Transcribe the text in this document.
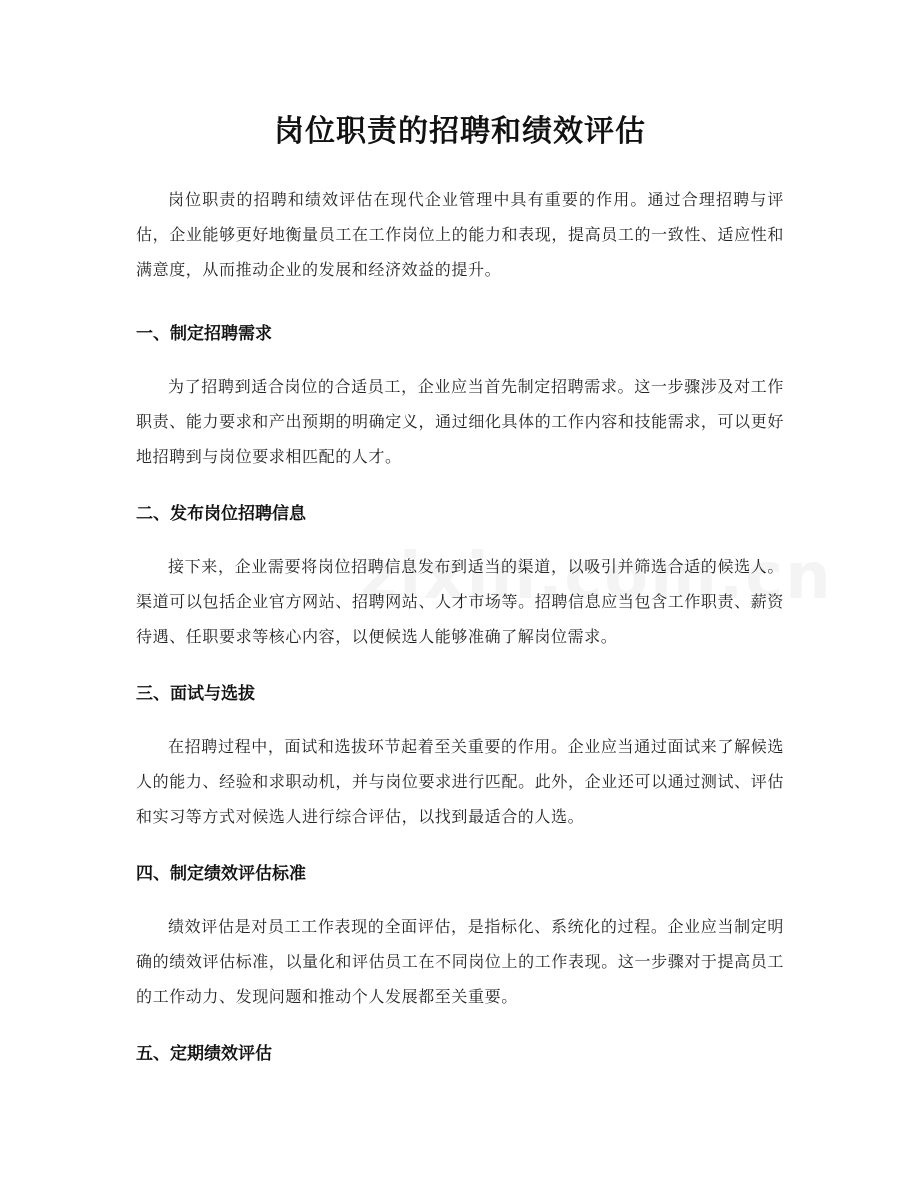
岗位职责的招聘和绩效评估

岗位职责的招聘和绩效评估在现代企业管理中具有重要的作用。通过合理招聘与评估，企业能够更好地衡量员工在工作岗位上的能力和表现，提高员工的一致性、适应性和满意度，从而推动企业的发展和经济效益的提升。

一、制定招聘需求

为了招聘到适合岗位的合适员工，企业应当首先制定招聘需求。这一步骤涉及对工作职责、能力要求和产出预期的明确定义，通过细化具体的工作内容和技能需求，可以更好地招聘到与岗位要求相匹配的人才。

二、发布岗位招聘信息

接下来，企业需要将岗位招聘信息发布到适当的渠道，以吸引并筛选合适的候选人。渠道可以包括企业官方网站、招聘网站、人才市场等。招聘信息应当包含工作职责、薪资待遇、任职要求等核心内容，以便候选人能够准确了解岗位需求。

三、面试与选拔

在招聘过程中，面试和选拔环节起着至关重要的作用。企业应当通过面试来了解候选人的能力、经验和求职动机，并与岗位要求进行匹配。此外，企业还可以通过测试、评估和实习等方式对候选人进行综合评估，以找到最适合的人选。

四、制定绩效评估标准

绩效评估是对员工工作表现的全面评估，是指标化、系统化的过程。企业应当制定明确的绩效评估标准，以量化和评估员工在不同岗位上的工作表现。这一步骤对于提高员工的工作动力、发现问题和推动个人发展都至关重要。

五、定期绩效评估
